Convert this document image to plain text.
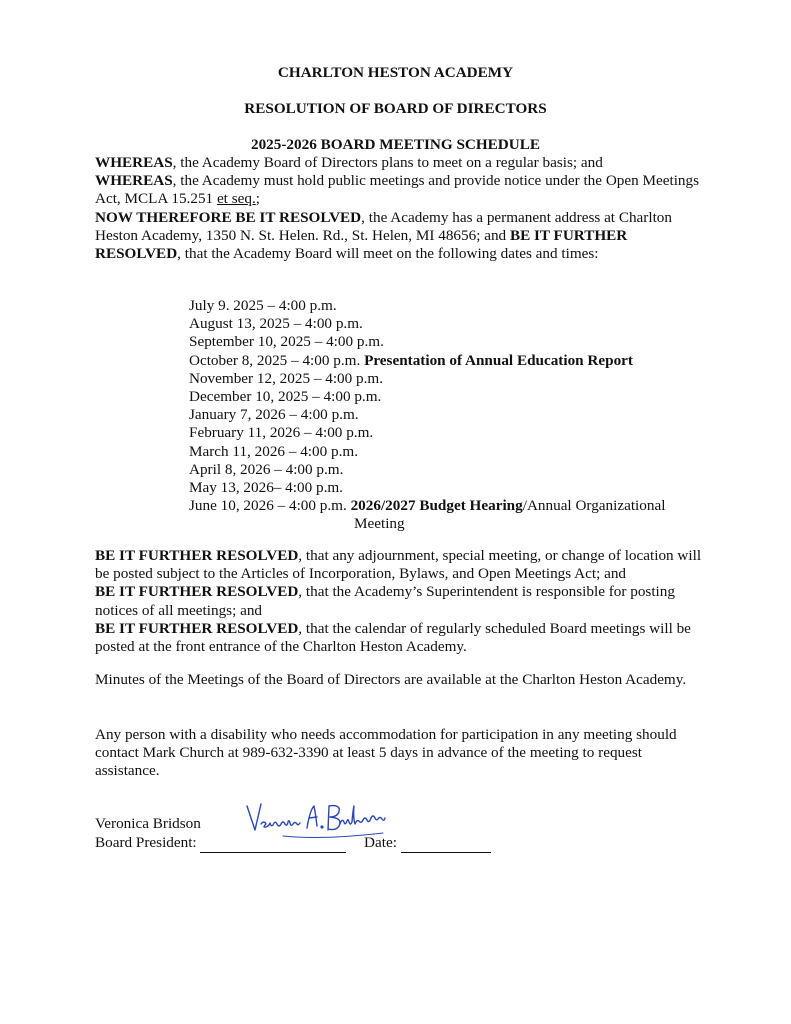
CHARLTON HESTON ACADEMY
RESOLUTION OF BOARD OF DIRECTORS
2025-2026 BOARD MEETING SCHEDULE

WHEREAS, the Academy Board of Directors plans to meet on a regular basis; and

WHEREAS, the Academy must hold public meetings and provide notice under the Open Meetings Act, MCLA 15.251 et seq.;

NOW THEREFORE BE IT RESOLVED, the Academy has a permanent address at Charlton Heston Academy, 1350 N. St. Helen. Rd., St. Helen, MI 48656; and BE IT FURTHER RESOLVED, that the Academy Board will meet on the following dates and times:

July 9. 2025 – 4:00 p.m.
August 13, 2025 – 4:00 p.m.
September 10, 2025 – 4:00 p.m.
October 8, 2025 – 4:00 p.m. Presentation of Annual Education Report
November 12, 2025 – 4:00 p.m.
December 10, 2025 – 4:00 p.m.
January 7, 2026 – 4:00 p.m.
February 11, 2026 – 4:00 p.m.
March 11, 2026 – 4:00 p.m.
April 8, 2026 – 4:00 p.m.
May 13, 2026– 4:00 p.m.
June 10, 2026 – 4:00 p.m. 2026/2027 Budget Hearing/Annual Organizational
Meeting

BE IT FURTHER RESOLVED, that any adjournment, special meeting, or change of location will be posted subject to the Articles of Incorporation, Bylaws, and Open Meetings Act; and

BE IT FURTHER RESOLVED, that the Academy’s Superintendent is responsible for posting notices of all meetings; and

BE IT FURTHER RESOLVED, that the calendar of regularly scheduled Board meetings will be posted at the front entrance of the Charlton Heston Academy.

Minutes of the Meetings of the Board of Directors are available at the Charlton Heston Academy.
Any person with a disability who needs accommodation for participation in any meeting should contact Mark Church at 989-632-3390 at least 5 days in advance of the meeting to request assistance.
Veronica Bridson
Board President:	Date:
